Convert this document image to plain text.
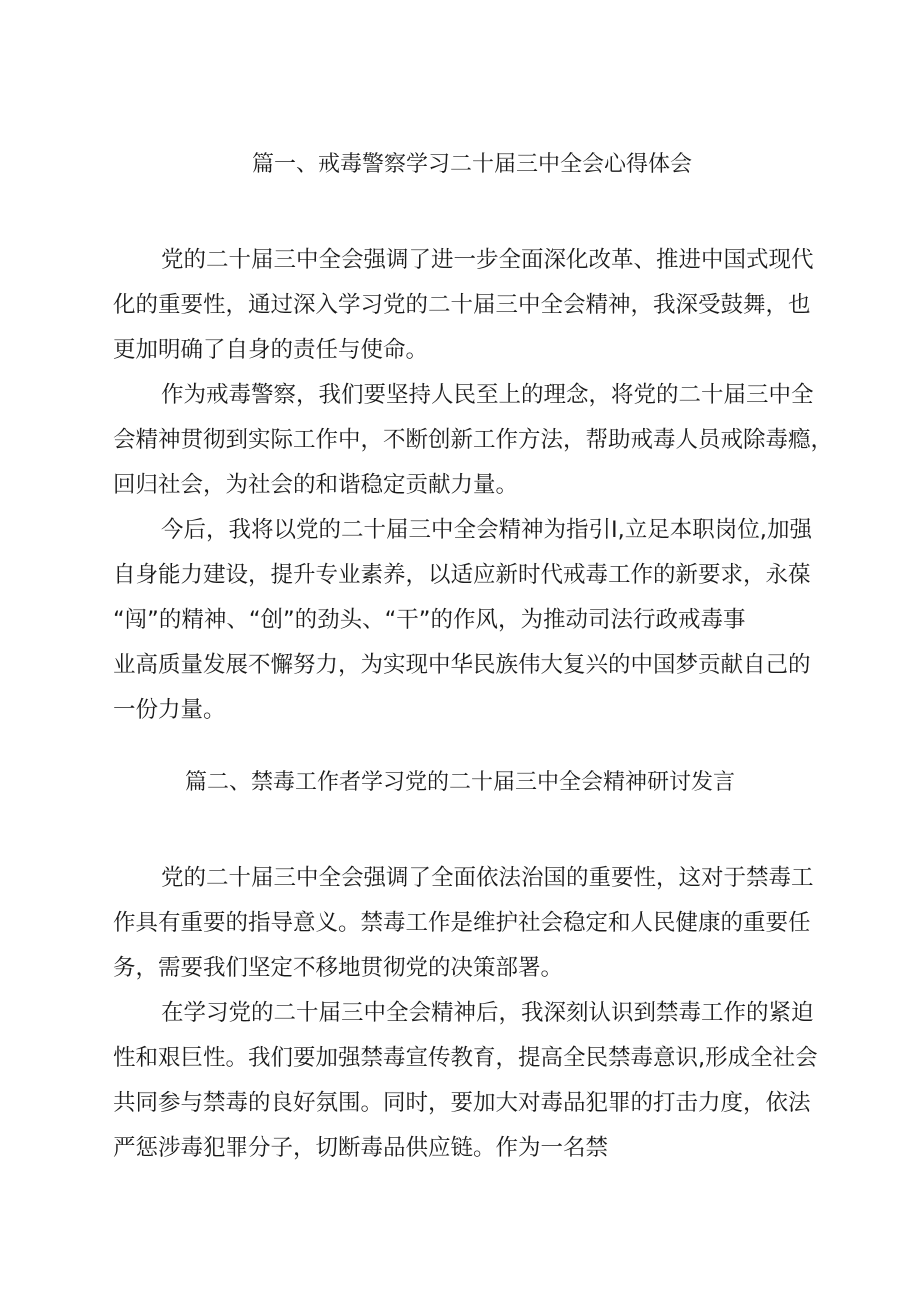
篇一、戒毒警察学习二十届三中全会心得体会
党的二十届三中全会强调了进一步全面深化改革、推进中国式现代
化的重要性，通过深入学习党的二十届三中全会精神，我深受鼓舞，也
更加明确了自身的责任与使命。
作为戒毒警察，我们要坚持人民至上的理念，将党的二十届三中全
会精神贯彻到实际工作中，不断创新工作方法，帮助戒毒人员戒除毒瘾，
回归社会，为社会的和谐稳定贡献力量。
今后，我将以党的二十届三中全会精神为指引I,立足本职岗位,加强
自身能力建设，提升专业素养，以适应新时代戒毒工作的新要求，永葆
“闯”的精神、“创”的劲头、“干”的作风，为推动司法行政戒毒事
业高质量发展不懈努力，为实现中华民族伟大复兴的中国梦贡献自己的
一份力量。
篇二、禁毒工作者学习党的二十届三中全会精神研讨发言
党的二十届三中全会强调了全面依法治国的重要性，这对于禁毒工
作具有重要的指导意义。禁毒工作是维护社会稳定和人民健康的重要任
务，需要我们坚定不移地贯彻党的决策部署。
在学习党的二十届三中全会精神后，我深刻认识到禁毒工作的紧迫
性和艰巨性。我们要加强禁毒宣传教育，提高全民禁毒意识,形成全社会
共同参与禁毒的良好氛围。同时，要加大对毒品犯罪的打击力度，依法
严惩涉毒犯罪分子，切断毒品供应链。作为一名禁
